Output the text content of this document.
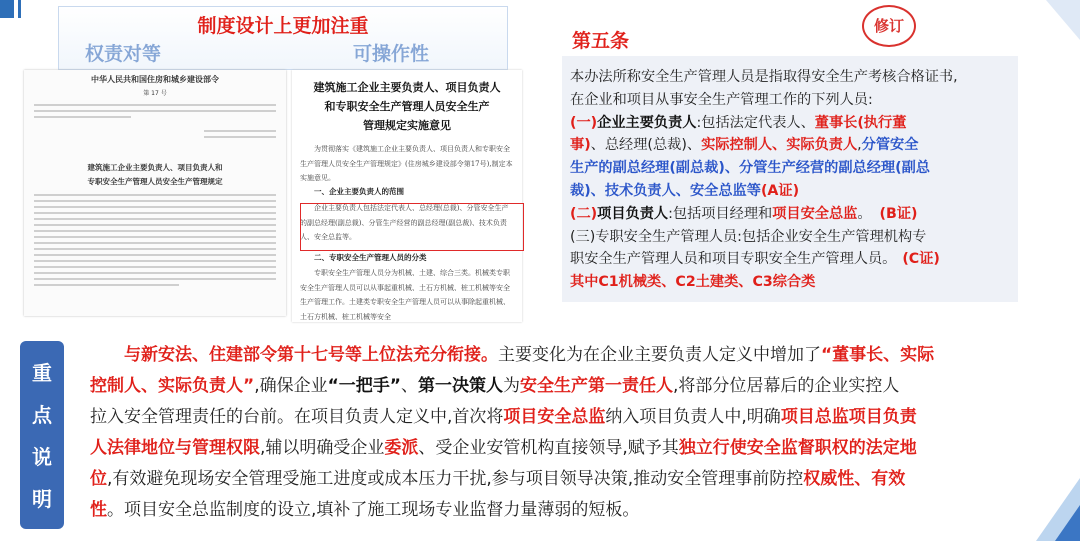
制度设计上更加注重
权责对等	可操作性
中华人民共和国住房和城乡建设部令
第 17 号
建筑施工企业主要负责人、项目负责人和
专职安全生产管理人员安全生产管理规定
建筑施工企业主要负责人、项目负责人
和专职安全生产管理人员安全生产
管理规定实施意见

为贯彻落实《建筑施工企业主要负责人、项目负责人和专职安全生产管理人员安全生产管理规定》(住房城乡建设部令第17号),制定本实施意见。

一、企业主要负责人的范围

企业主要负责人包括法定代表人、总经理(总裁)、分管安全生产的副总经理(副总裁)、分管生产经营的副总经理(副总裁)、技术负责人、安全总监等。

二、专职安全生产管理人员的分类

专职安全生产管理人员分为机械、土建、综合三类。机械类专职安全生产管理人员可以从事起重机械、土石方机械、桩工机械等安全生产管理工作。土建类专职安全生产管理人员可以从事除起重机械、土石方机械、桩工机械等安全

修订
第五条
本办法所称安全生产管理人员是指取得安全生产考核合格证书,
在企业和项目从事安全生产管理工作的下列人员:
(一)企业主要负责人:包括法定代表人、董事长(执行董
事)、总经理(总裁)、实际控制人、实际负责人,分管安全
生产的副总经理(副总裁)、分管生产经营的副总经理(副总
裁)、技术负责人、安全总监等(A证)
(二)项目负责人:包括项目经理和项目安全总监。 (B证)
(三)专职安全生产管理人员:包括企业安全生产管理机构专
职安全生产管理人员和项目专职安全生产管理人员。 (C证)
其中C1机械类、C2土建类、C3综合类
重
点
说
明
与新安法、住建部令第十七号等上位法充分衔接。主要变化为在企业主要负责人定义中增加了“董事长、实际
控制人、实际负责人”,确保企业“一把手”、第一决策人为安全生产第一责任人,将部分位居幕后的企业实控人
拉入安全管理责任的台前。在项目负责人定义中,首次将项目安全总监纳入项目负责人中,明确项目总监项目负责
人法律地位与管理权限,辅以明确受企业委派、受企业安管机构直接领导,赋予其独立行使安全监督职权的法定地
位,有效避免现场安全管理受施工进度或成本压力干扰,参与项目领导决策,推动安全管理事前防控权威性、有效
性。项目安全总监制度的设立,填补了施工现场专业监督力量薄弱的短板。
